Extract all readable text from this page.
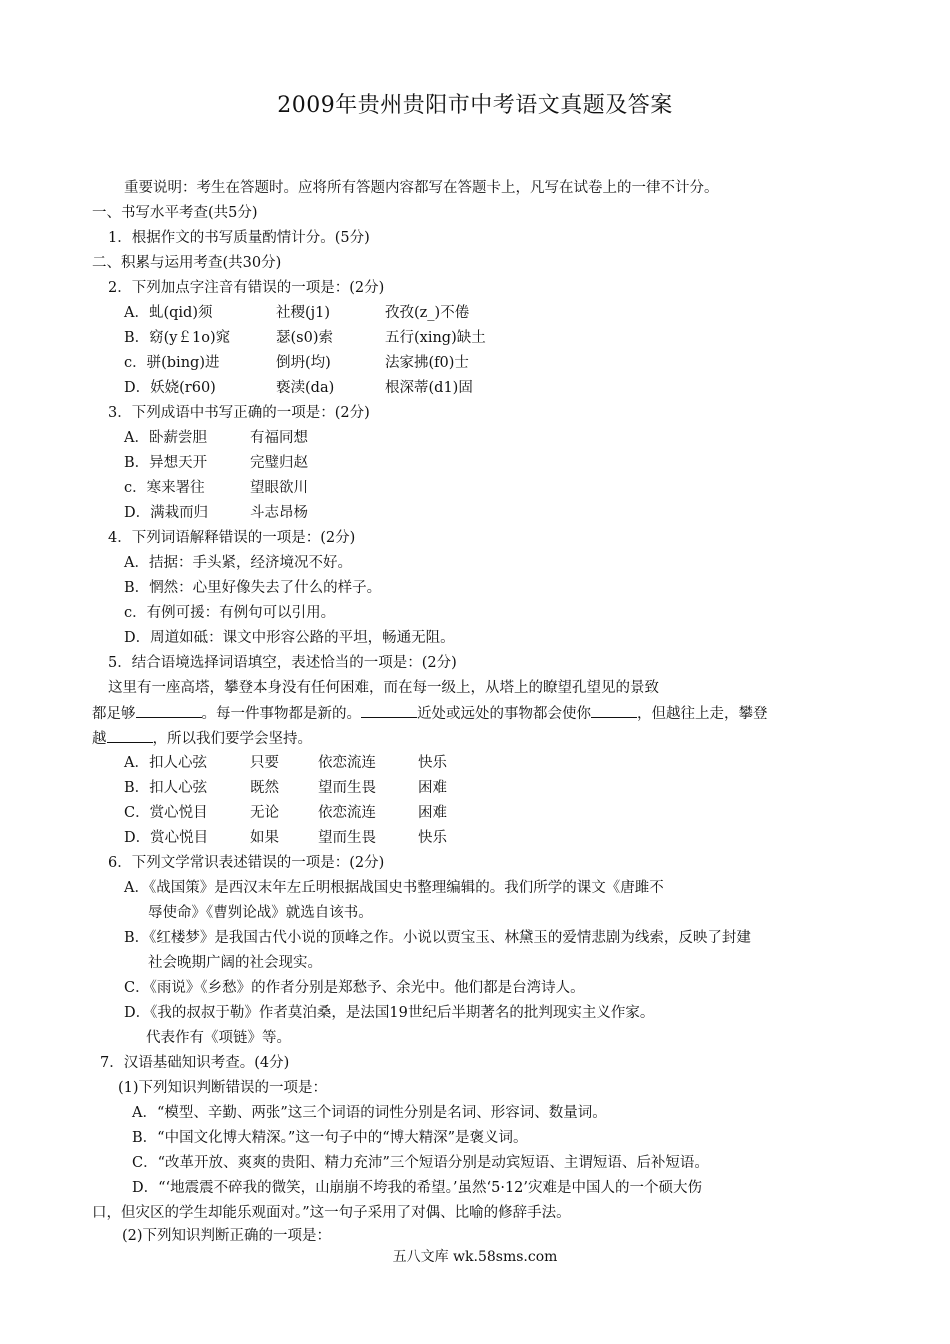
2009年贵州贵阳市中考语文真题及答案
重要说明：考生在答题时。应将所有答题内容都写在答题卡上，凡写在试卷上的一律不计分。
一、书写水平考查(共5分)
1．根据作文的书写质量酌情计分。(5分)
二、积累与运用考查(共30分)
2．下列加点字注音有错误的一项是：(2分)
A．虬(qid)须	社稷(j1)	孜孜(z_)不倦
B．窈(y￡1o)窕	瑟(s0)索	五行(xing)缺土
c．骈(bing)进	倒坍(均)	法家拂(f0)士
D．妖娆(r60)	亵渎(da)	根深蒂(d1)固
3．下列成语中书写正确的一项是：(2分)
A．卧薪尝胆	有福同想
B．异想天开	完璧归赵
c．寒来署往	望眼欲川
D．满栽而归	斗志昂杨
4．下列词语解释错误的一项是：(2分)
A．拮据：手头紧，经济境况不好。
B．惘然：心里好像失去了什么的样子。
c．有例可援：有例句可以引用。
D．周道如砥：课文中形容公路的平坦，畅通无阻。
5．结合语境选择词语填空，表述恰当的一项是：(2分)
这里有一座高塔，攀登本身没有任何困难，而在每一级上，从塔上的瞭望孔望见的景致
都足够	。每一件事物都是新的。	近处或远处的事物都会使你	，但越往上走，攀登
越	，所以我们要学会坚持。
A．扣人心弦	只要	依恋流连	快乐
B．扣人心弦	既然	望而生畏	困难
C．赏心悦目	无论	依恋流连	困难
D．赏心悦目	如果	望而生畏	快乐
6．下列文学常识表述错误的一项是：(2分)
A．《战国策》是西汉末年左丘明根据战国史书整理编辑的。我们所学的课文《唐雎不
辱使命》《曹刿论战》就选自该书。
B．《红楼梦》是我国古代小说的顶峰之作。小说以贾宝玉、林黛玉的爱情悲剧为线索，反映了封建
社会晚期广阔的社会现实。
C．《雨说》《乡愁》的作者分别是郑愁予、余光中。他们都是台湾诗人。
D．《我的叔叔于勒》作者莫泊桑，是法国19世纪后半期著名的批判现实主义作家。
代表作有《项链》等。
7．汉语基础知识考查。(4分)
(1)下列知识判断错误的一项是：
A．“模型、辛勤、两张”这三个词语的词性分别是名词、形容词、数量词。
B．“中国文化博大精深。”这一句子中的“博大精深”是褒义词。
C．“改革开放、爽爽的贵阳、精力充沛”三个短语分别是动宾短语、主谓短语、后补短语。
D．“‘地震震不碎我的微笑，山崩崩不垮我的希望。’虽然‘5·12’灾难是中国人的一个硕大伤
口，但灾区的学生却能乐观面对。”这一句子采用了对偶、比喻的修辞手法。
(2)下列知识判断正确的一项是：
五八文库 wk.58sms.com
